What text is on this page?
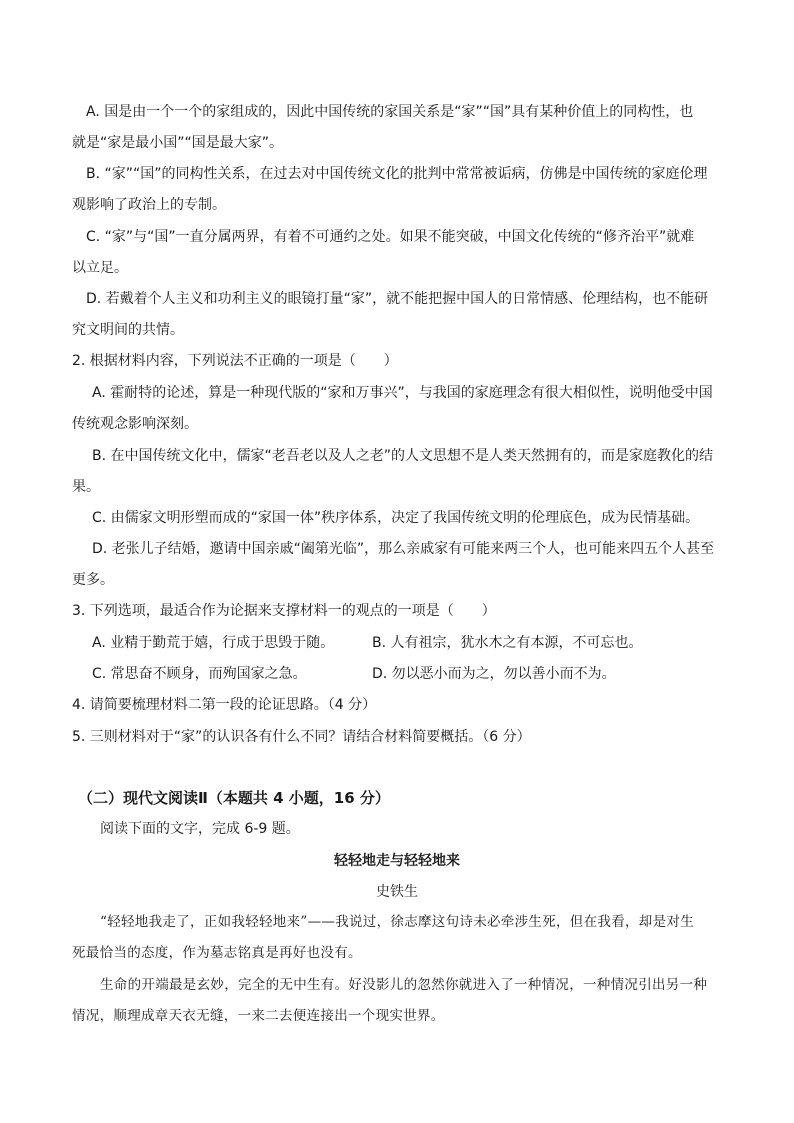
A. 国是由一个一个的家组成的，因此中国传统的家国关系是“家”“国”具有某种价值上的同构性，也
就是“家是最小国”“国是最大家”。
B. “家”“国”的同构性关系，在过去对中国传统文化的批判中常常被诟病，仿佛是中国传统的家庭伦理
观影响了政治上的专制。
C. “家”与“国”一直分属两界，有着不可通约之处。如果不能突破，中国文化传统的“修齐治平”就难
以立足。
D. 若戴着个人主义和功利主义的眼镜打量“家”，就不能把握中国人的日常情感、伦理结构，也不能研
究文明间的共情。
2. 根据材料内容，下列说法不正确的一项是（　　）
A. 霍耐特的论述，算是一种现代版的“家和万事兴”，与我国的家庭理念有很大相似性，说明他受中国
传统观念影响深刻。
B. 在中国传统文化中，儒家“老吾老以及人之老”的人文思想不是人类天然拥有的，而是家庭教化的结
果。
C. 由儒家文明形塑而成的“家国一体”秩序体系，决定了我国传统文明的伦理底色，成为民情基础。
D. 老张儿子结婚，邀请中国亲戚“阖第光临”，那么亲戚家有可能来两三个人，也可能来四五个人甚至
更多。
3. 下列选项，最适合作为论据来支撑材料一的观点的一项是（　　）
A. 业精于勤荒于嬉，行成于思毁于随。	B. 人有祖宗，犹水木之有本源，不可忘也。
C. 常思奋不顾身，而殉国家之急。	D. 勿以恶小而为之，勿以善小而不为。
4. 请简要梳理材料二第一段的论证思路。（4 分）
5. 三则材料对于“家”的认识各有什么不同？请结合材料简要概括。（6 分）
（二）现代文阅读Ⅱ（本题共 4 小题，16 分）
阅读下面的文字，完成 6-9 题。
轻轻地走与轻轻地来
史铁生
“轻轻地我走了，正如我轻轻地来”——我说过，徐志摩这句诗未必牵涉生死，但在我看，却是对生
死最恰当的态度，作为墓志铭真是再好也没有。
生命的开端最是玄妙，完全的无中生有。好没影儿的忽然你就进入了一种情况，一种情况引出另一种
情况，顺理成章天衣无缝，一来二去便连接出一个现实世界。
